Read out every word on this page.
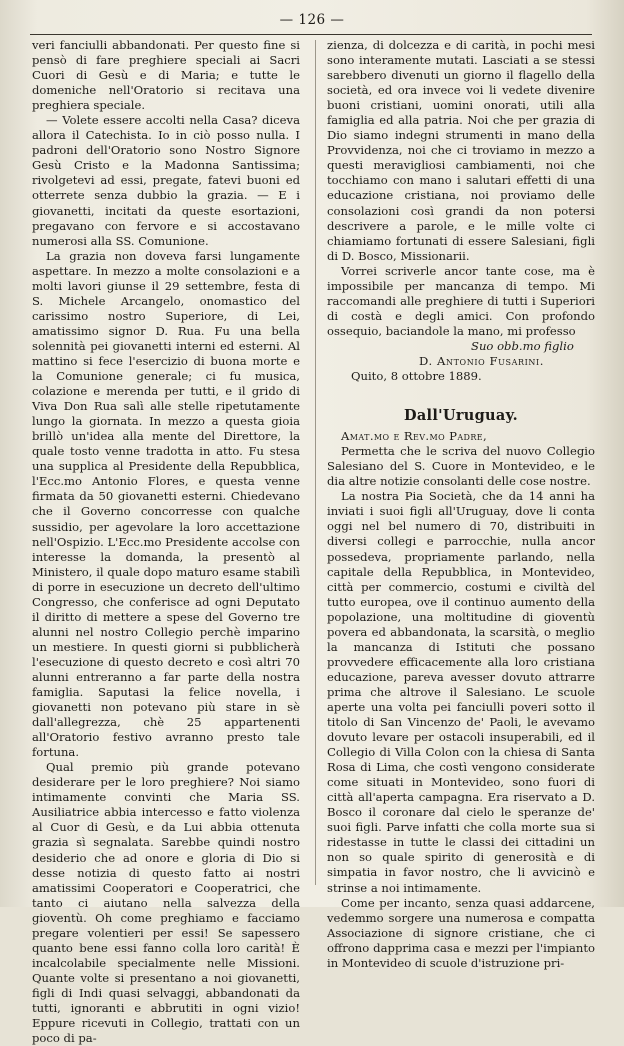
— 126 —

veri fanciulli abbandonati. Per questo fine si pensò di fare preghiere speciali ai Sacri Cuori di Gesù e di Maria; e tutte le domeniche nell'Oratorio si recitava una preghiera speciale.

— Volete essere accolti nella Casa? diceva allora il Catechista. Io in ciò posso nulla. I padroni dell'Oratorio sono Nostro Signore Gesù Cristo e la Madonna Santissima; rivolgetevi ad essi, pregate, fatevi buoni ed otterrete senza dubbio la grazia. — E i giovanetti, incitati da queste esortazioni, pregavano con fervore e si accostavano numerosi alla SS. Comunione.

La grazia non doveva farsi lungamente aspettare. In mezzo a molte consolazioni e a molti lavori giunse il 29 settembre, festa di S. Michele Arcangelo, onomastico del carissimo nostro Superiore, di Lei, amatissimo signor D. Rua. Fu una bella solennità pei giovanetti interni ed esterni. Al mattino si fece l'esercizio di buona morte e la Comunione generale; ci fu musica, colazione e merenda per tutti, e il grido di Viva Don Rua salì alle stelle ripetutamente lungo la giornata. In mezzo a questa gioia brillò un'idea alla mente del Direttore, la quale tosto venne tradotta in atto. Fu stesa una supplica al Presidente della Repubblica, l'Ecc.mo Antonio Flores, e questa venne firmata da 50 giovanetti esterni. Chiedevano che il Governo concorresse con qualche sussidio, per agevolare la loro accettazione nell'Ospizio. L'Ecc.mo Presidente accolse con interesse la domanda, la presentò al Ministero, il quale dopo maturo esame stabilì di porre in esecuzione un decreto dell'ultimo Congresso, che conferisce ad ogni Deputato il diritto di mettere a spese del Governo tre alunni nel nostro Collegio perchè imparino un mestiere. In questi giorni si pubblicherà l'esecuzione di questo decreto e così altri 70 alunni entreranno a far parte della nostra famiglia. Saputasi la felice novella, i giovanetti non potevano più stare in sè dall'allegrezza, chè 25 appartenenti all'Oratorio festivo avranno presto tale fortuna.

Qual premio più grande potevano desiderare per le loro preghiere? Noi siamo intimamente convinti che Maria SS. Ausiliatrice abbia intercesso e fatto violenza al Cuor di Gesù, e da Lui abbia ottenuta grazia sì segnalata. Sarebbe quindi nostro desiderio che ad onore e gloria di Dio si desse notizia di questo fatto ai nostri amatissimi Cooperatori e Cooperatrici, che tanto ci aiutano nella salvezza della gioventù. Oh come preghiamo e facciamo pregare volentieri per essi! Se sapessero quanto bene essi fanno colla loro carità! È incalcolabile specialmente nelle Missioni. Quante volte si presentano a noi giovanetti, figli di Indi quasi selvaggi, abbandonati da tutti, ignoranti e abbrutiti in ogni vizio! Eppure ricevuti in Collegio, trattati con un poco di pa-

zienza, di dolcezza e di carità, in pochi mesi sono interamente mutati. Lasciati a se stessi sarebbero divenuti un giorno il flagello della società, ed ora invece voi li vedete divenire buoni cristiani, uomini onorati, utili alla famiglia ed alla patria. Noi che per grazia di Dio siamo indegni strumenti in mano della Provvidenza, noi che ci troviamo in mezzo a questi meravigliosi cambiamenti, noi che tocchiamo con mano i salutari effetti di una educazione cristiana, noi proviamo delle consolazioni così grandi da non potersi descrivere a parole, e le mille volte ci chiamiamo fortunati di essere Salesiani, figli di D. Bosco, Missionarii.

Vorrei scriverle ancor tante cose, ma è impossibile per mancanza di tempo. Mi raccomandi alle preghiere di tutti i Superiori di costà e degli amici. Con profondo ossequio, baciandole la mano, mi professo

Suo obb.mo figlio

D. Antonio Fusarini.

Quito, 8 ottobre 1889.

Dall'Uruguay.

Amat.mo e Rev.mo Padre,

Permetta che le scriva del nuovo Collegio Salesiano del S. Cuore in Montevideo, e le dia altre notizie consolanti delle cose nostre.

La nostra Pia Società, che da 14 anni ha inviati i suoi figli all'Uruguay, dove li conta oggi nel bel numero di 70, distribuiti in diversi collegi e parrocchie, nulla ancor possedeva, propriamente parlando, nella capitale della Repubblica, in Montevideo, città per commercio, costumi e civiltà del tutto europea, ove il continuo aumento della popolazione, una moltitudine di gioventù povera ed abbandonata, la scarsità, o meglio la mancanza di Istituti che possano provvedere efficacemente alla loro cristiana educazione, pareva avesser dovuto attrarre prima che altrove il Salesiano. Le scuole aperte una volta pei fanciulli poveri sotto il titolo di San Vincenzo de' Paoli, le avevamo dovuto levare per ostacoli insuperabili, ed il Collegio di Villa Colon con la chiesa di Santa Rosa di Lima, che costì vengono considerate come situati in Montevideo, sono fuori di città all'aperta campagna. Era riservato a D. Bosco il coronare dal cielo le speranze de' suoi figli. Parve infatti che colla morte sua si ridestasse in tutte le classi dei cittadini un non so quale spirito di generosità e di simpatia in favor nostro, che li avvicinò e strinse a noi intimamente.

Come per incanto, senza quasi addarcene, vedemmo sorgere una numerosa e compatta Associazione di signore cristiane, che ci offrono dapprima casa e mezzi per l'impianto in Montevideo di scuole d'istruzione pri-
